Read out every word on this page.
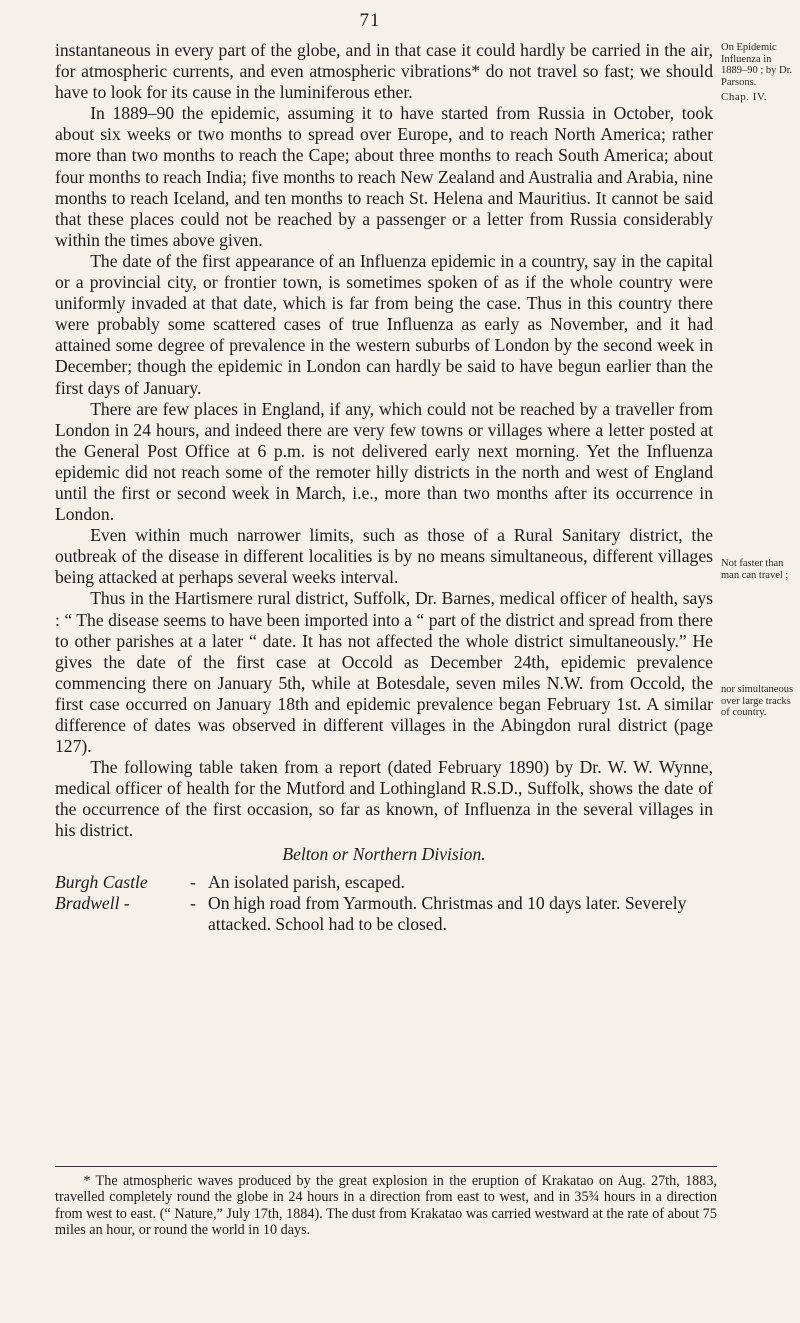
71
On Epidemic Influenza in 1889–90 ; by Dr. Parsons.
Chap. IV.
Not faster than man can travel ;
nor simultaneous over large tracks of country.

instantaneous in every part of the globe, and in that case it could hardly be carried in the air, for atmospheric currents, and even atmospheric vibrations* do not travel so fast; we should have to look for its cause in the luminiferous ether.

In 1889–90 the epidemic, assuming it to have started from Russia in October, took about six weeks or two months to spread over Europe, and to reach North America; rather more than two months to reach the Cape; about three months to reach South America; about four months to reach India; five months to reach New Zealand and Australia and Arabia, nine months to reach Iceland, and ten months to reach St. Helena and Mauritius. It cannot be said that these places could not be reached by a passenger or a letter from Russia considerably within the times above given.

The date of the first appearance of an Influenza epidemic in a country, say in the capital or a provincial city, or frontier town, is sometimes spoken of as if the whole country were uniformly invaded at that date, which is far from being the case. Thus in this country there were probably some scattered cases of true Influenza as early as November, and it had attained some degree of prevalence in the western suburbs of London by the second week in December; though the epidemic in London can hardly be said to have begun earlier than the first days of January.

There are few places in England, if any, which could not be reached by a traveller from London in 24 hours, and indeed there are very few towns or villages where a letter posted at the General Post Office at 6 p.m. is not delivered early next morning. Yet the Influenza epidemic did not reach some of the remoter hilly districts in the north and west of England until the first or second week in March, i.e., more than two months after its occurrence in London.

Even within much narrower limits, such as those of a Rural Sanitary district, the outbreak of the disease in different localities is by no means simultaneous, different villages being attacked at perhaps several weeks interval.

Thus in the Hartismere rural district, Suffolk, Dr. Barnes, medical officer of health, says : “ The disease seems to have been imported into a “ part of the district and spread from there to other parishes at a later “ date. It has not affected the whole district simultaneously.” He gives the date of the first case at Occold as December 24th, epidemic prevalence commencing there on January 5th, while at Botesdale, seven miles N.W. from Occold, the first case occurred on January 18th and epidemic prevalence began February 1st. A similar difference of dates was observed in different villages in the Abingdon rural district (page 127).

The following table taken from a report (dated February 1890) by Dr. W. W. Wynne, medical officer of health for the Mutford and Lothingland R.S.D., Suffolk, shows the date of the occurrence of the first occasion, so far as known, of Influenza in the several villages in his district.

Belton or Northern Division.
Burgh Castle	- An isolated parish, escaped.
Bradwell -	- On high road from Yarmouth. Christmas and 10 days later. Severely attacked. School had to be closed.
* The atmospheric waves produced by the great explosion in the eruption of Krakatao on Aug. 27th, 1883, travelled completely round the globe in 24 hours in a direction from east to west, and in 35¾ hours in a direction from west to east. (“ Nature,” July 17th, 1884). The dust from Krakatao was carried westward at the rate of about 75 miles an hour, or round the world in 10 days.
